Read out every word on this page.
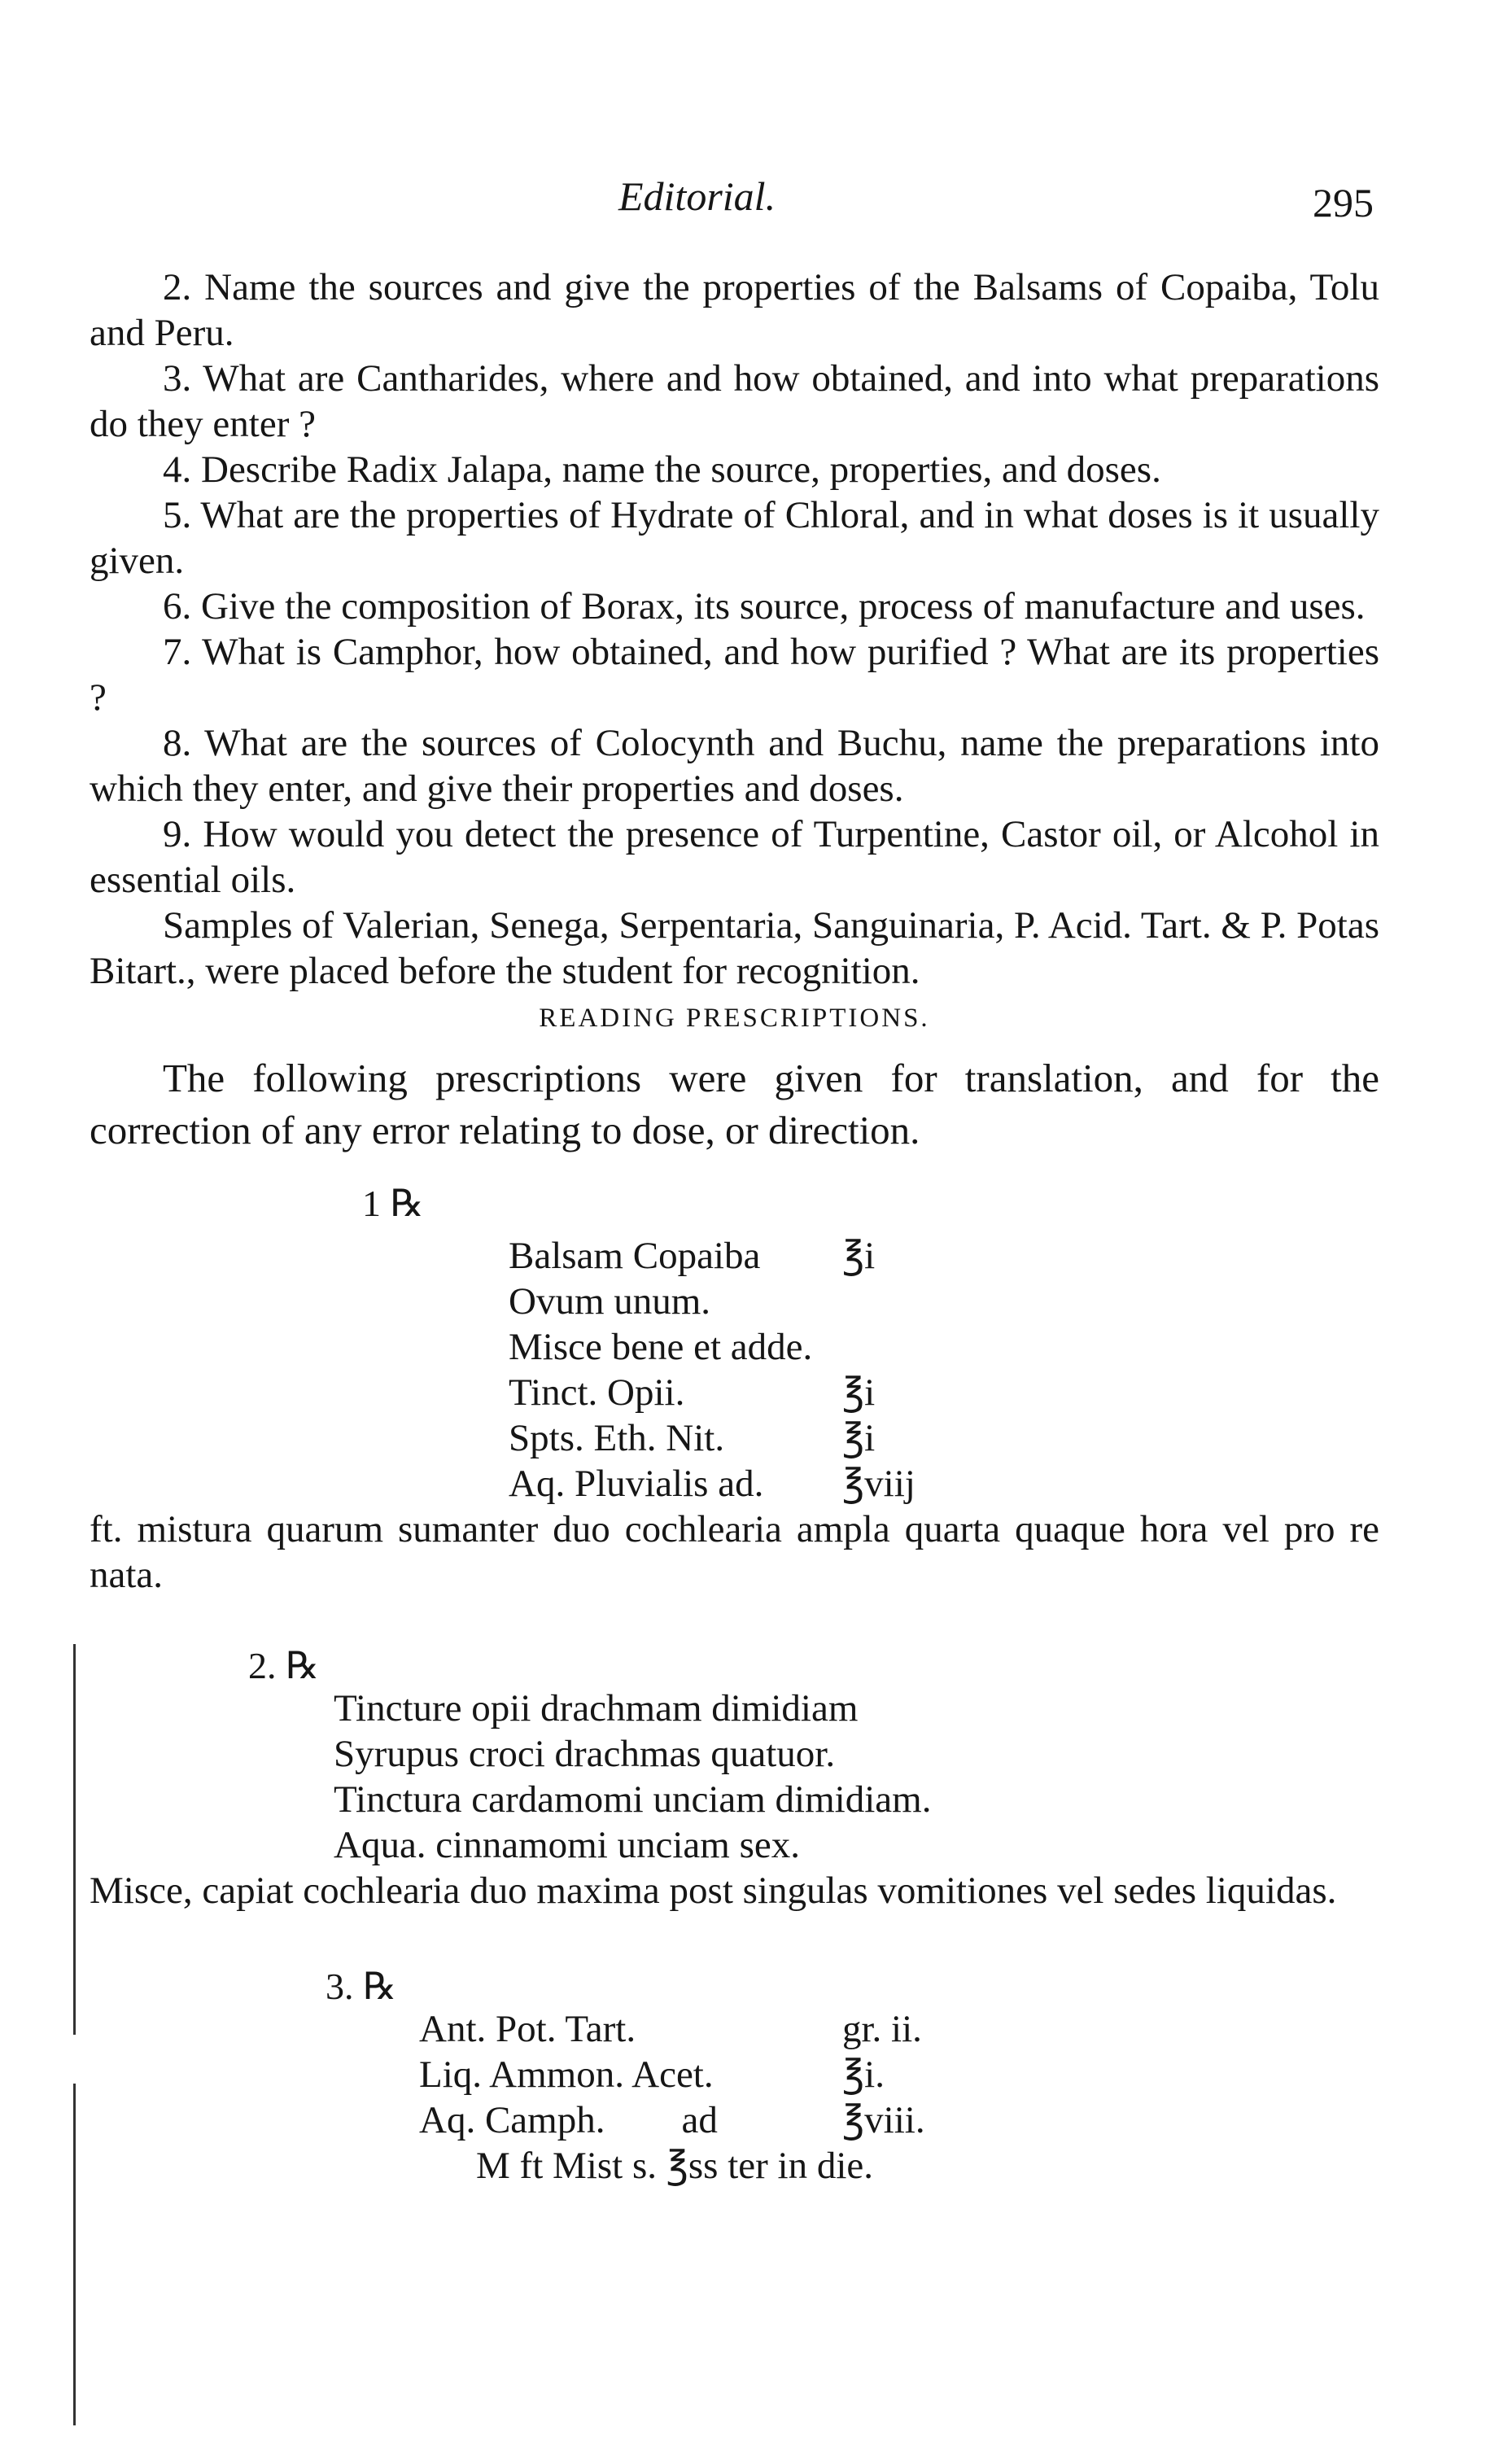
Editorial.	295

2. Name the sources and give the properties of the Balsams of Copaiba, Tolu and Peru.

3. What are Cantharides, where and how obtained, and into what preparations do they enter ?

4. Describe Radix Jalapa, name the source, properties, and doses.

5. What are the properties of Hydrate of Chloral, and in what doses is it usually given.

6. Give the composition of Borax, its source, process of manufacture and uses.

7. What is Camphor, how obtained, and how purified ? What are its properties ?

8. What are the sources of Colocynth and Buchu, name the preparations into which they enter, and give their properties and doses.

9. How would you detect the presence of Turpentine, Castor oil, or Alcohol in essential oils.

Samples of Valerian, Senega, Serpentaria, Sanguinaria, P. Acid. Tart. & P. Potas Bitart., were placed before the student for recognition.

READING PRESCRIPTIONS.

The following prescriptions were given for translation, and for the correction of any error relating to dose, or direction.

1 ℞
Balsam Copaiba ℥i
Ovum unum.
Misce bene et adde.
Tinct. Opii.	℥i
Spts. Eth. Nit.	℥i
Aq. Pluvialis ad. ℥viij

ft. mistura quarum sumanter duo cochlearia ampla quarta quaque hora vel pro re nata.

2. ℞
Tincture opii drachmam dimidiam
Syrupus croci drachmas quatuor.
Tinctura cardamomi unciam dimidiam.
Aqua. cinnamomi unciam sex.

Misce, capiat cochlearia duo maxima post singulas vomitiones vel sedes liquidas.

3. ℞
Ant. Pot. Tart.	gr. ii.
Liq. Ammon. Acet.	℥i.
Aq. Camph.        ad	℥viii.
M ft Mist s. ℥ss ter in die.
